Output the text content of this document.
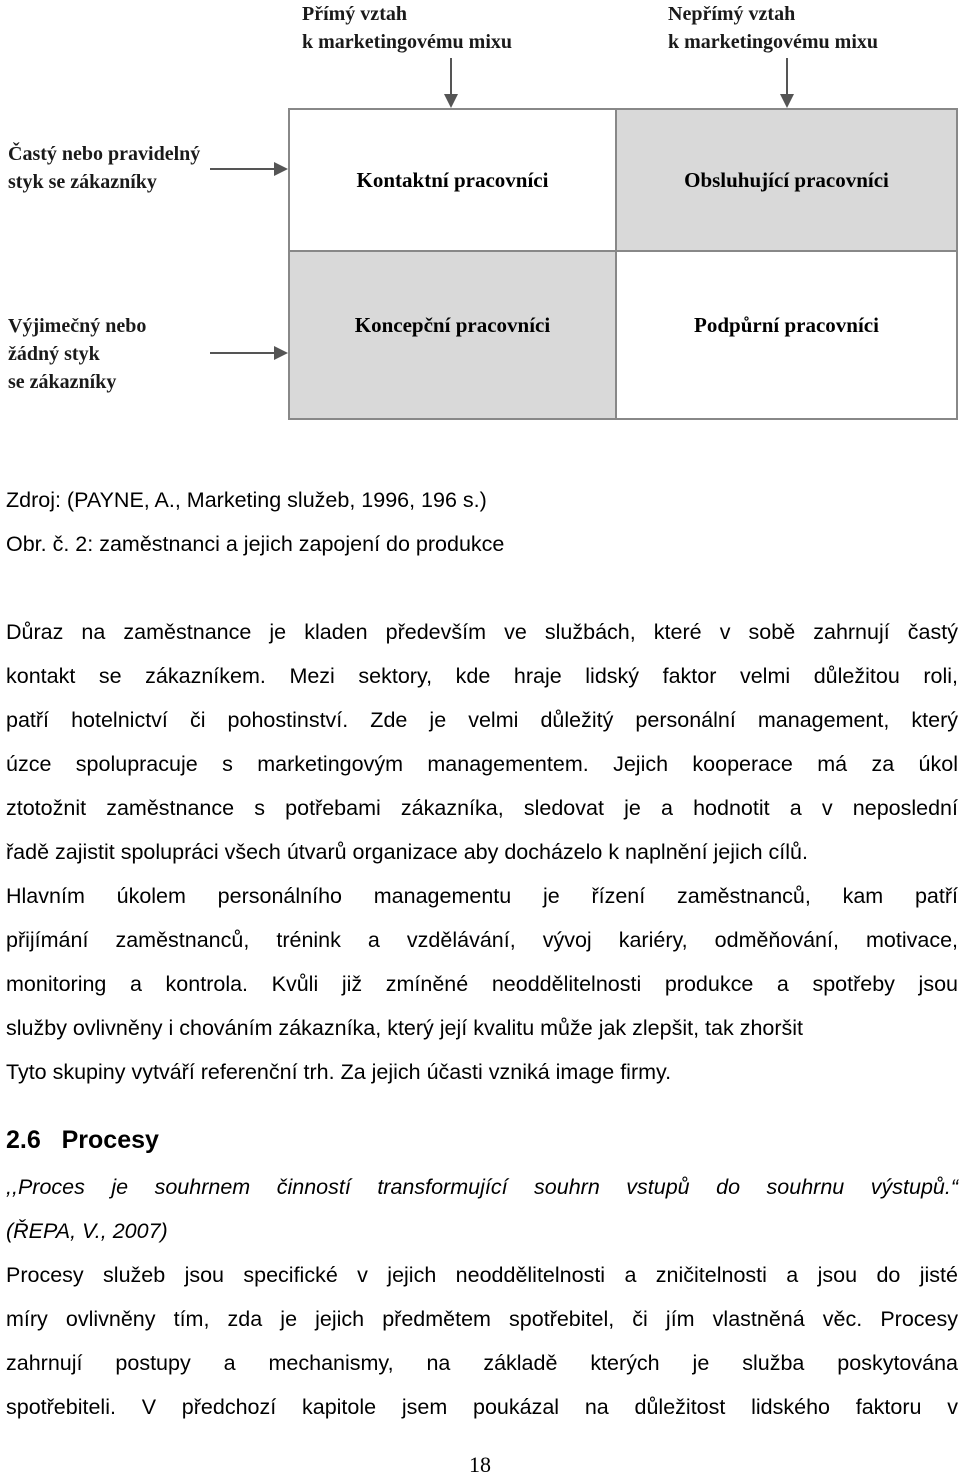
Přímý vztah
k marketingovému mixu
Nepřímý vztah
k marketingovému mixu
Častý nebo pravidelný
styk se zákazníky
Výjimečný nebo
žádný styk
se zákazníky
Kontaktní pracovníci	Obsluhující pracovníci
Koncepční pracovníci	Podpůrní pracovníci
Zdroj: (PAYNE, A., Marketing služeb, 1996, 196 s.)
Obr. č. 2: zaměstnanci a jejich zapojení do produkce
Důraz na zaměstnance je kladen především ve službách, které v sobě zahrnují častý
kontakt se zákazníkem. Mezi sektory, kde hraje lidský faktor velmi důležitou roli,
patří hotelnictví či pohostinství. Zde je velmi důležitý personální management, který
úzce spolupracuje s marketingovým managementem. Jejich kooperace má za úkol
ztotožnit zaměstnance s potřebami zákazníka, sledovat je a hodnotit a v neposlední
řadě zajistit spolupráci všech útvarů organizace aby docházelo k naplnění jejich cílů.
Hlavním úkolem personálního managementu je řízení zaměstnanců, kam patří
přijímání zaměstnanců, trénink a vzdělávání, vývoj kariéry, odměňování, motivace,
monitoring a kontrola. Kvůli již zmíněné neoddělitelnosti produkce a spotřeby jsou
služby ovlivněny i chováním zákazníka, který její kvalitu může jak zlepšit, tak zhoršit
Tyto skupiny vytváří referenční trh. Za jejich účasti vzniká image firmy.
2.6 Procesy
,,Proces je souhrnem činností transformující souhrn vstupů do souhrnu výstupů.“
(ŘEPA, V., 2007)
Procesy služeb jsou specifické v jejich neoddělitelnosti a zničitelnosti a jsou do jisté
míry ovlivněny tím, zda je jejich předmětem spotřebitel, či jím vlastněná věc. Procesy
zahrnují postupy a mechanismy, na základě kterých je služba poskytována
spotřebiteli. V předchozí kapitole jsem poukázal na důležitost lidského faktoru v
18
